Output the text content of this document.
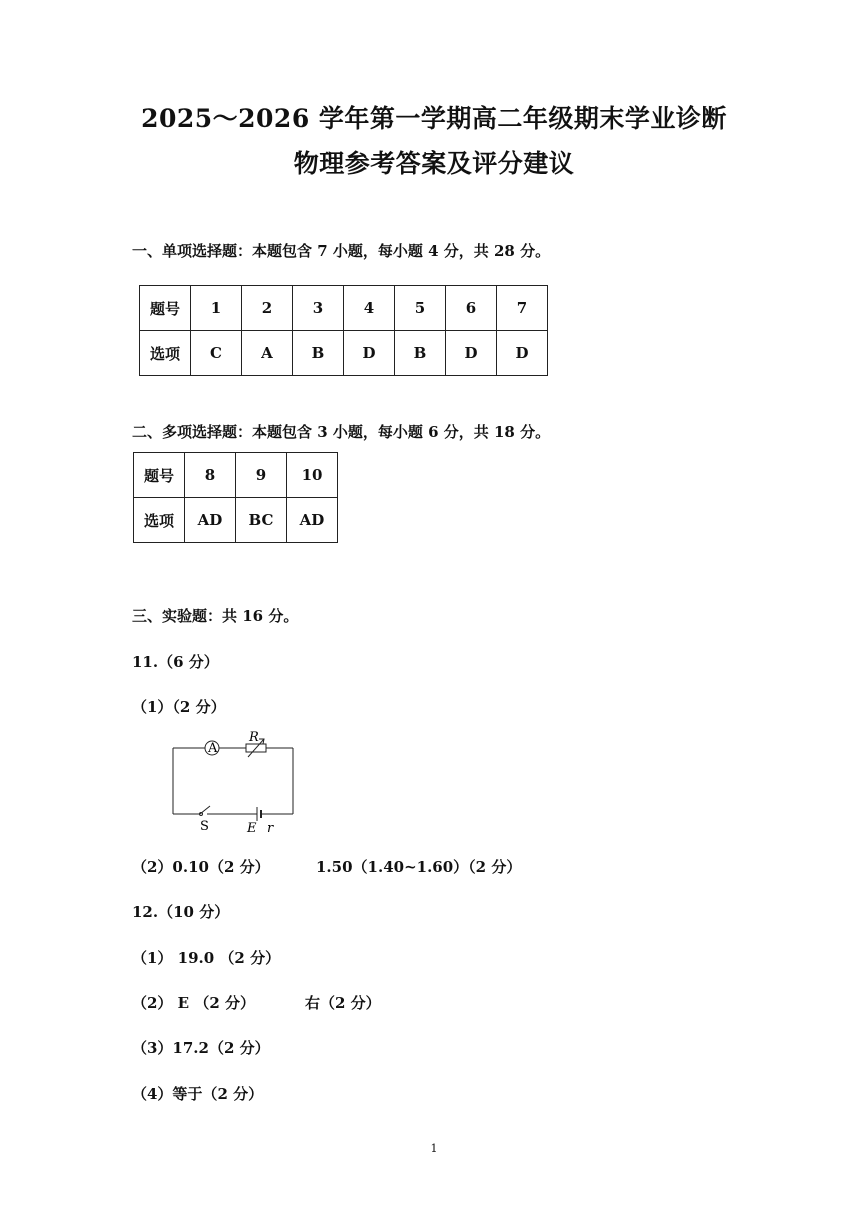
2025～2026 学年第一学期高二年级期末学业诊断
物理参考答案及评分建议
一、单项选择题：本题包含 7 小题，每小题 4 分，共 28 分。
题号	1	2	3	4	5	6	7
选项	C	A	B	D	B	D	D
二、多项选择题：本题包含 3 小题，每小题 6 分，共 18 分。
题号	8	9	10
选项	AD	BC	AD
三、实验题：共 16 分。
11.（6 分）
（1）（2 分）
A
R
S	E r
（2）0.10（2 分）	1.50（1.40~1.60）（2 分）
12.（10 分）
（1） 19.0 （2 分）
（2） E （2 分）	右（2 分）
（3）17.2（2 分）
（4）等于（2 分）
1
